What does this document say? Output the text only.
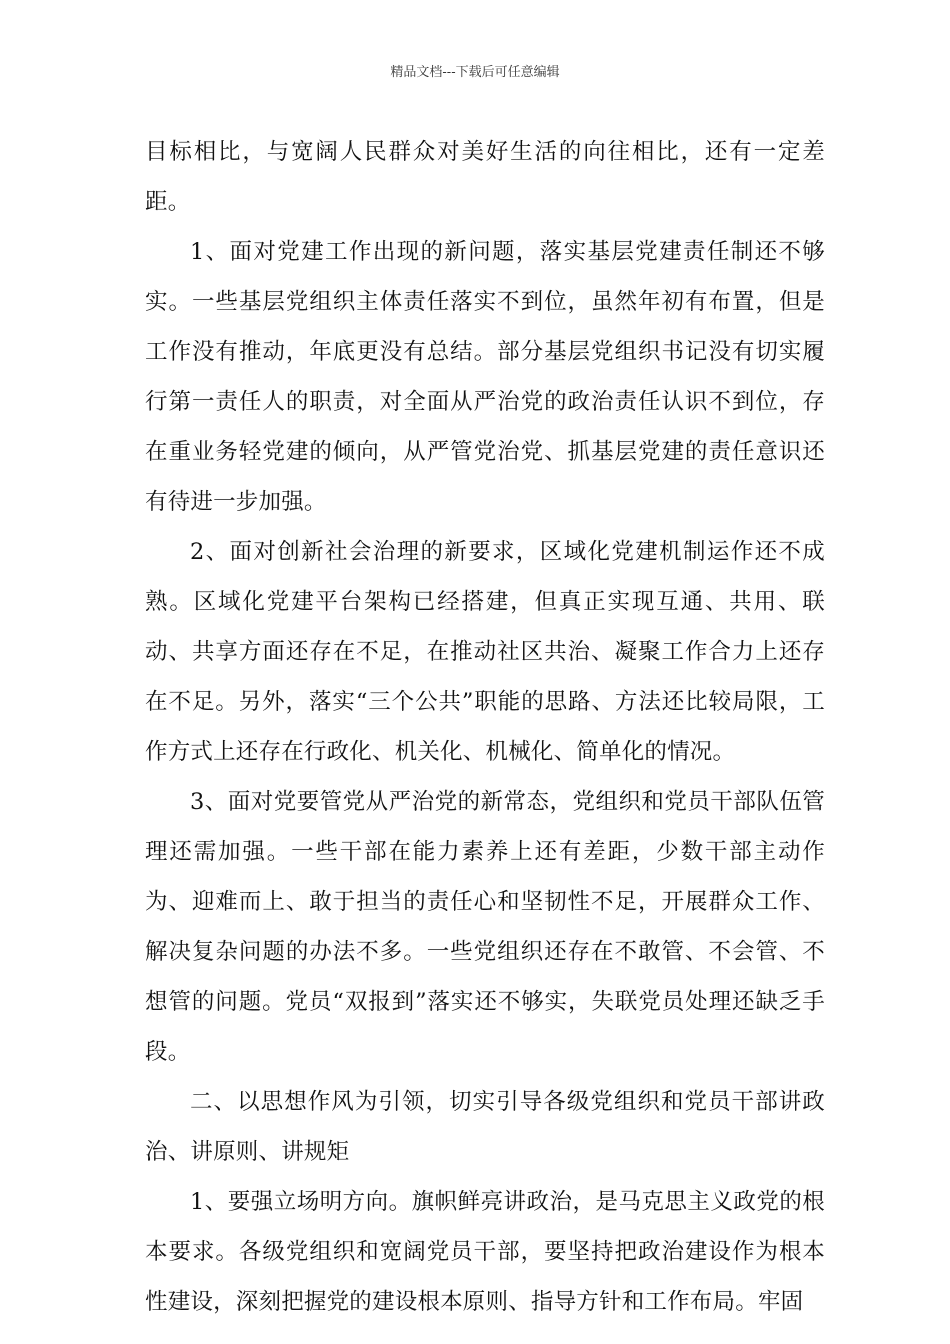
精品文档---下载后可任意编辑

目标相比，与宽阔人民群众对美好生活的向往相比，还有一定差距。

1、面对党建工作出现的新问题，落实基层党建责任制还不够实。一些基层党组织主体责任落实不到位，虽然年初有布置，但是工作没有推动，年底更没有总结。部分基层党组织书记没有切实履行第一责任人的职责，对全面从严治党的政治责任认识不到位，存在重业务轻党建的倾向，从严管党治党、抓基层党建的责任意识还有待进一步加强。

2、面对创新社会治理的新要求，区域化党建机制运作还不成熟。区域化党建平台架构已经搭建，但真正实现互通、共用、联动、共享方面还存在不足，在推动社区共治、凝聚工作合力上还存在不足。另外，落实“三个公共”职能的思路、方法还比较局限，工作方式上还存在行政化、机关化、机械化、简单化的情况。

3、面对党要管党从严治党的新常态，党组织和党员干部队伍管理还需加强。一些干部在能力素养上还有差距，少数干部主动作为、迎难而上、敢于担当的责任心和坚韧性不足，开展群众工作、解决复杂问题的办法不多。一些党组织还存在不敢管、不会管、不想管的问题。党员“双报到”落实还不够实，失联党员处理还缺乏手段。

二、以思想作风为引领，切实引导各级党组织和党员干部讲政治、讲原则、讲规矩

1、要强立场明方向。旗帜鲜亮讲政治，是马克思主义政党的根本要求。各级党组织和宽阔党员干部，要坚持把政治建设作为根本性建设，深刻把握党的建设根本原则、指导方针和工作布局。牢固
